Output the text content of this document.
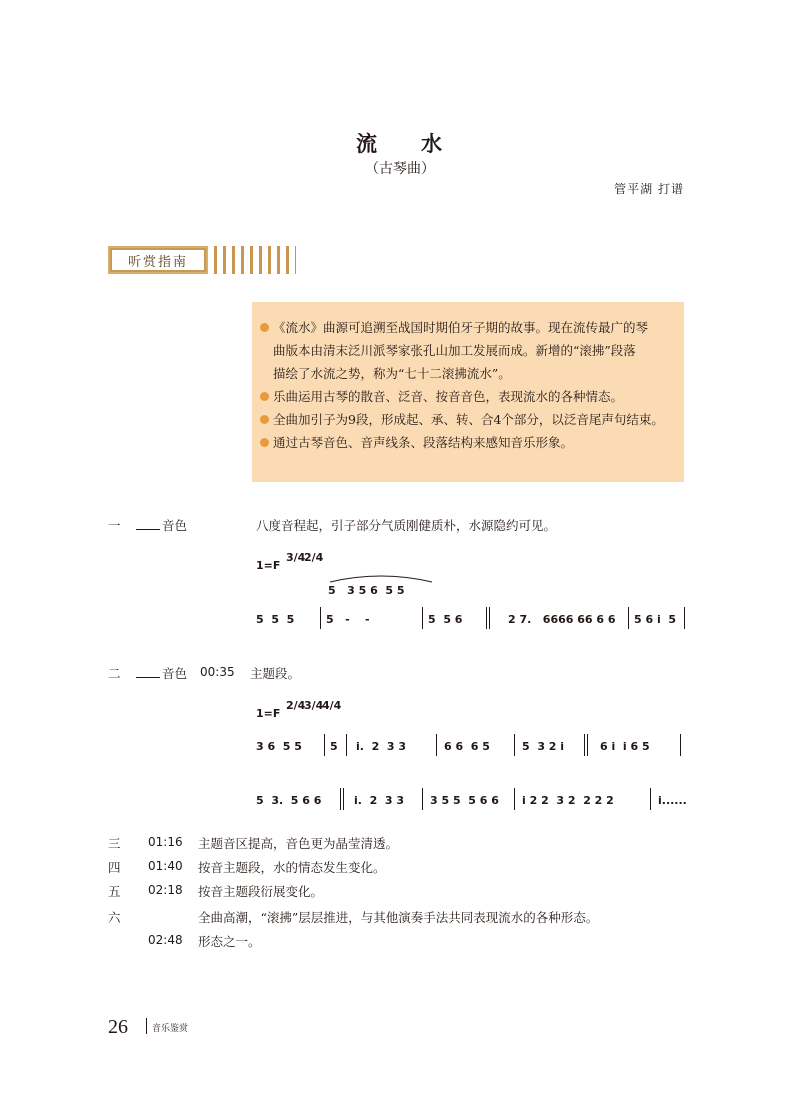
流 水
（古琴曲）
管平湖 打谱
听赏指南
《流水》曲源可追溯至战国时期伯牙子期的故事。现在流传最广的琴
曲版本由清末泛川派琴家张孔山加工发展而成。新增的“滚拂”段落
描绘了水流之势，称为“七十二滚拂流水”。
乐曲运用古琴的散音、泛音、按音音色，表现流水的各种情态。
全曲加引子为9段，形成起、承、转、合4个部分，以泛音尾声句结束。
通过古琴音色、音声线条、段落结构来感知音乐形象。
一	音色	八度音程起，引子部分气质刚健质朴，水源隐约可见。
1=F
3/4
2/4
5   3 5 6  5 5
5  5  5	5   -    -	5  5 6	2 7.   6666 66 6 6 5 6 i  5
二	音色 00:35 主题段。
1=F
2/4
3/4
4/4
3 6  5 5	5 i.  2  3 3	6 6  6 5	5  3 2 i	6 i  i 6 5
5  3.  5 6 6	i.  2  3 3 3 5 5  5 6 6 i 2 2  3 2  2 2 2	i......
三 01:16 主题音区提高，音色更为晶莹清透。
四 01:40 按音主题段，水的情态发生变化。
五 02:18 按音主题段衍展变化。
六	全曲高潮，“滚拂”层层推进，与其他演奏手法共同表现流水的各种形态。
02:48 形态之一。
26	音乐鉴赏
